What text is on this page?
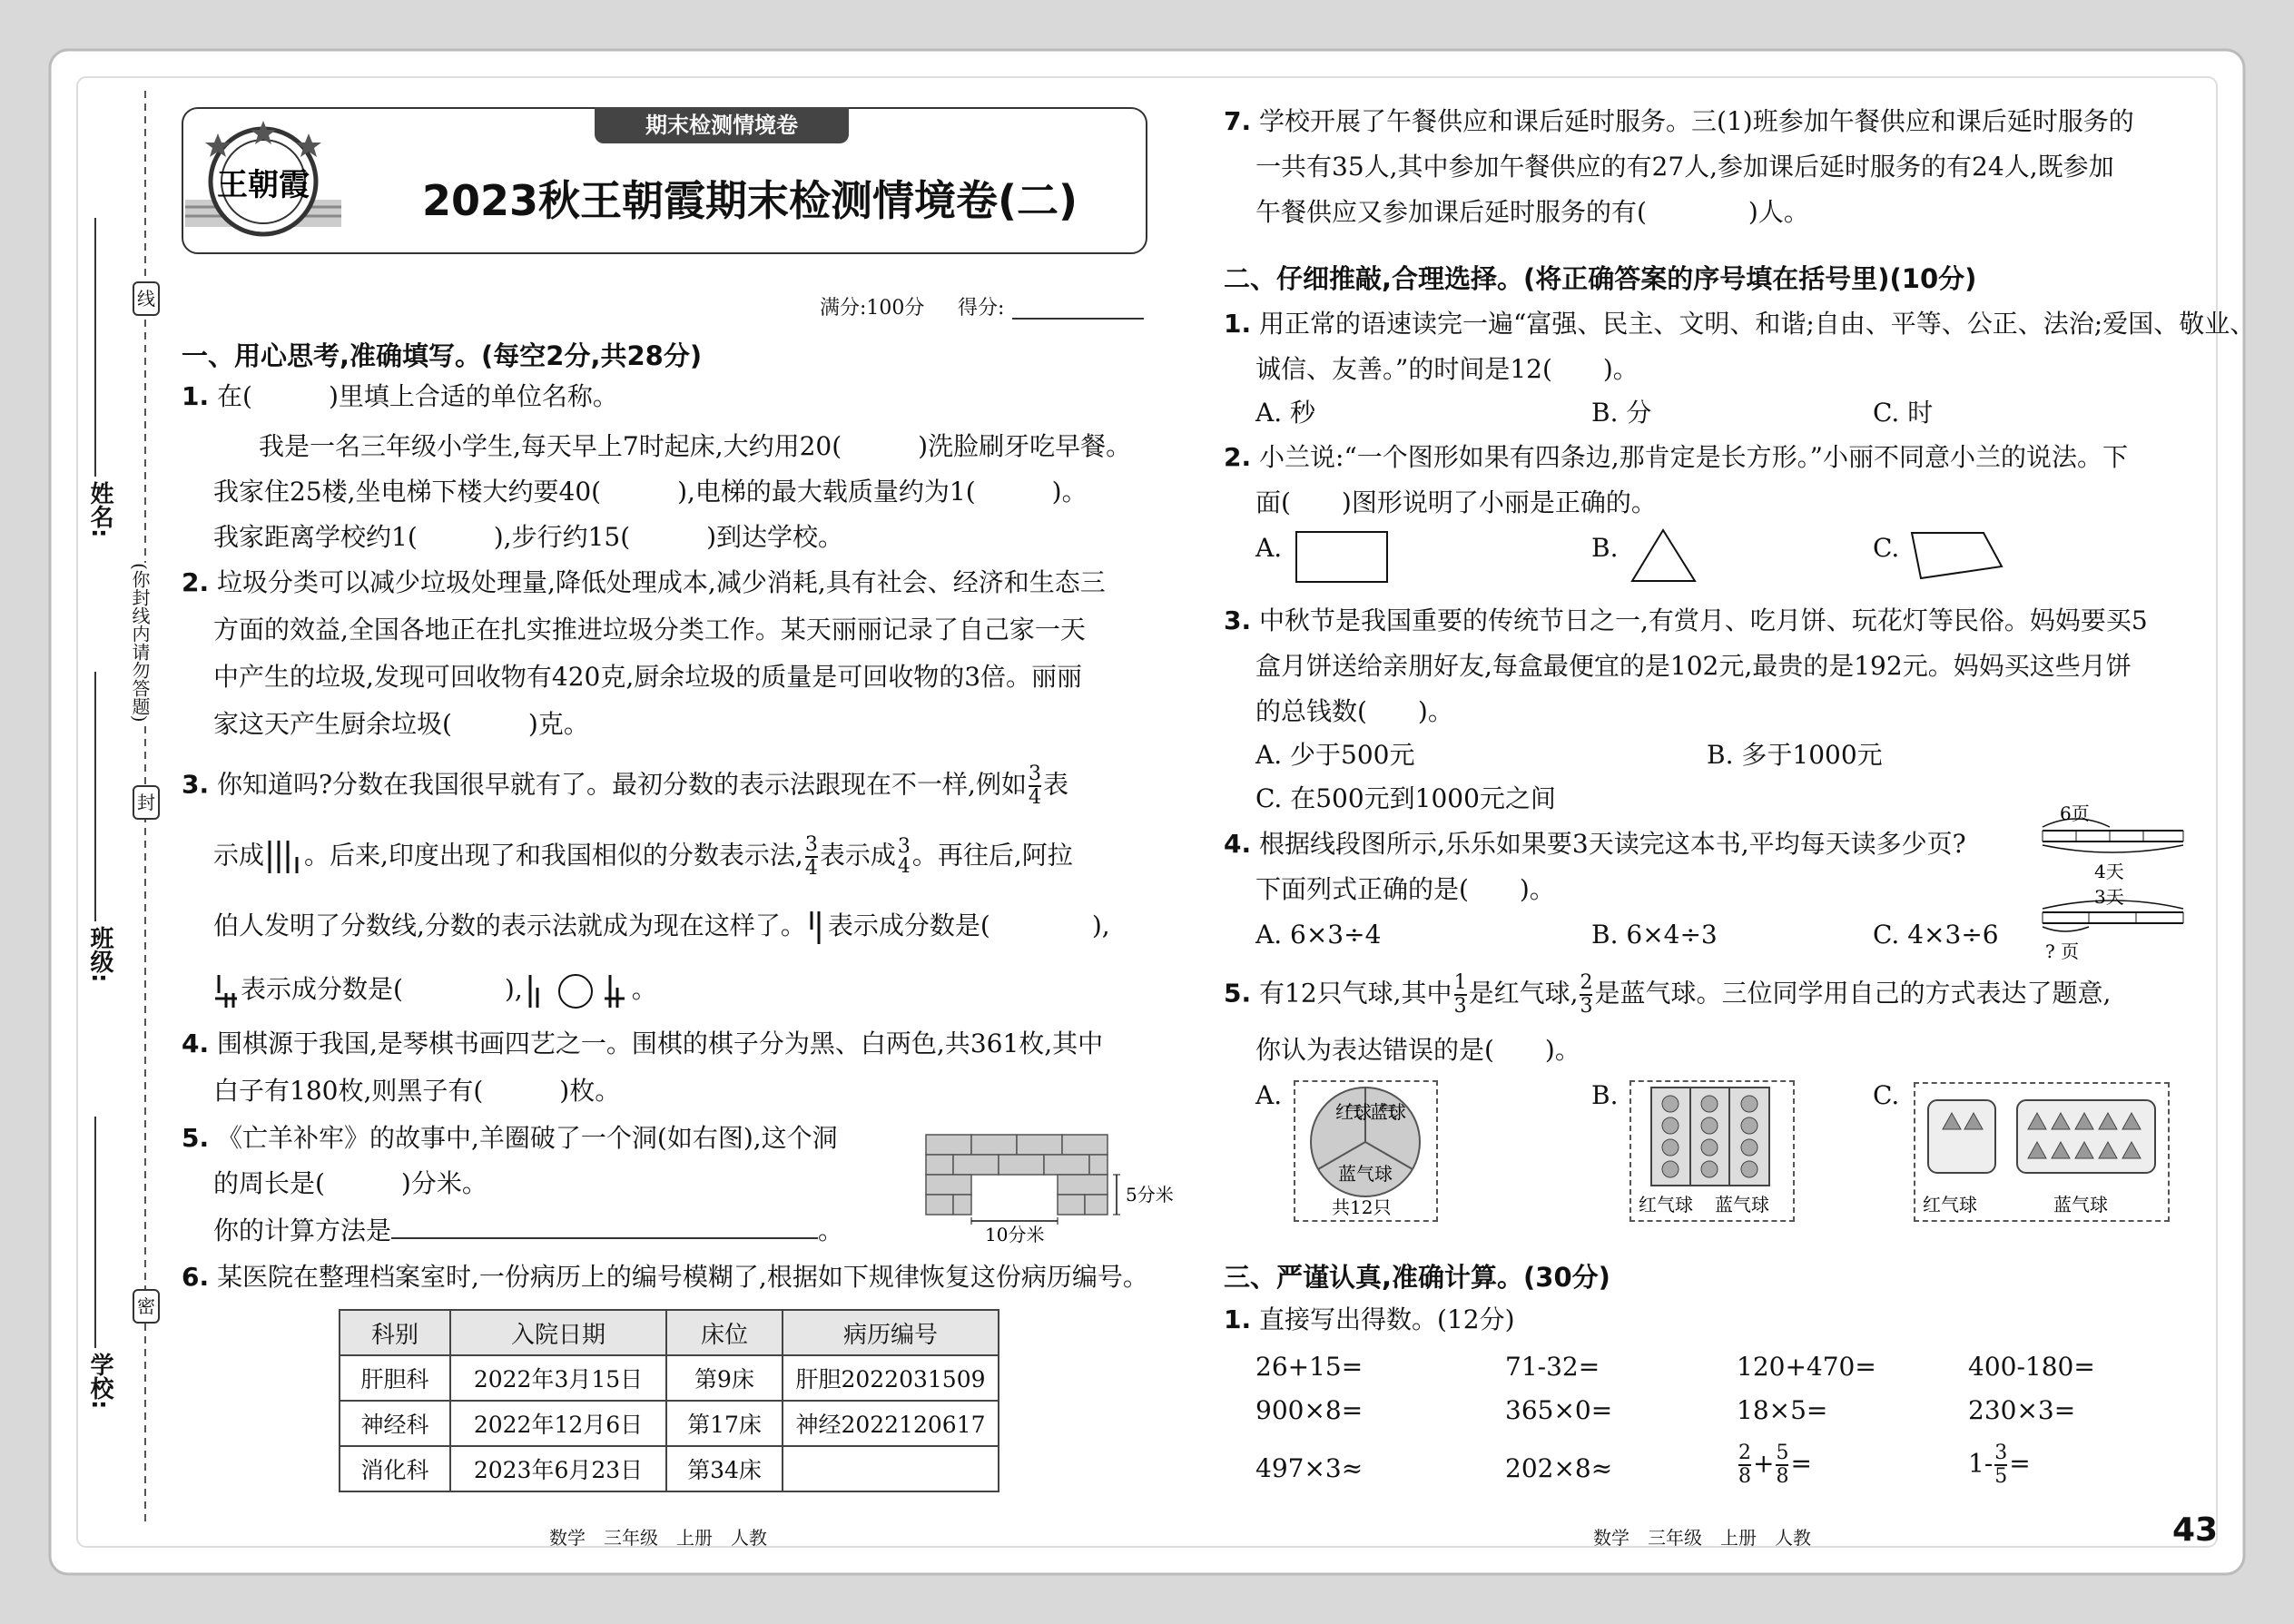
线
封
密
(你封线内请勿答题)
姓名:
班级:
学校:
期末检测情境卷
王朝霞	2023秋王朝霞期末检测情境卷(二)
满分:100分 得分:
一、用心思考,准确填写。(每空2分,共28分)
1. 在(　　　)里填上合适的单位名称。
我是一名三年级小学生,每天早上7时起床,大约用20(　　　)洗脸刷牙吃早餐。
我家住25楼,坐电梯下楼大约要40(　　　),电梯的最大载质量约为1(　　　)。
我家距离学校约1(　　　),步行约15(　　　)到达学校。
2. 垃圾分类可以减少垃圾处理量,降低处理成本,减少消耗,具有社会、经济和生态三
方面的效益,全国各地正在扎实推进垃圾分类工作。某天丽丽记录了自己家一天
中产生的垃圾,发现可回收物有420克,厨余垃圾的质量是可回收物的3倍。丽丽
家这天产生厨余垃圾(　　　)克。
3. 你知道吗?分数在我国很早就有了。最初分数的表示法跟现在不一样,例如 $\frac{3}{4}$ 表
示成 。后来,印度出现了和我国相似的分数表示法, $\frac{3}{4}$ 表示成 3
4 。再往后,阿拉
伯人发明了分数线,分数的表示法就成为现在这样了。 表示成分数是(　　　　),
表示成分数是(　　　　),	。
4. 围棋源于我国,是琴棋书画四艺之一。围棋的棋子分为黑、白两色,共361枚,其中
白子有180枚,则黑子有(　　　)枚。
5. 《亡羊补牢》的故事中,羊圈破了一个洞(如右图),这个洞
的周长是(　　　)分米。
你的计算方法是	。
5分米
10分米
6. 某医院在整理档案室时,一份病历上的编号模糊了,根据如下规律恢复这份病历编号。
科别	入院日期	床位	病历编号
肝胆科	2022年3月15日	第9床	肝胆2022031509
神经科	2022年12月6日	第17床	神经2022120617
消化科	2023年6月23日	第34床	
数学　三年级　上册　人教
7. 学校开展了午餐供应和课后延时服务。三(1)班参加午餐供应和课后延时服务的
一共有35人,其中参加午餐供应的有27人,参加课后延时服务的有24人,既参加
午餐供应又参加课后延时服务的有(　　　　)人。
二、仔细推敲,合理选择。(将正确答案的序号填在括号里)(10分)
1. 用正常的语速读完一遍“富强、民主、文明、和谐;自由、平等、公正、法治;爱国、敬业、
诚信、友善。”的时间是12(　　)。
A. 秒	B. 分	C. 时
2. 小兰说:“一个图形如果有四条边,那肯定是长方形。”小丽不同意小兰的说法。下
面(　　)图形说明了小丽是正确的。
A.	B.	C.
3. 中秋节是我国重要的传统节日之一,有赏月、吃月饼、玩花灯等民俗。妈妈要买5
盒月饼送给亲朋好友,每盒最便宜的是102元,最贵的是192元。妈妈买这些月饼
的总钱数(　　)。
A. 少于500元	B. 多于1000元
C. 在500元到1000元之间
4. 根据线段图所示,乐乐如果要3天读完这本书,平均每天读多少页?
下面列式正确的是(　　)。
A. 6×3÷4	B. 6×4÷3	C. 4×3÷6
6页
4天
3天
? 页
5. 有12只气球,其中 $\frac{1}{3}$ 是红气球, $\frac{2}{3}$ 是蓝气球。三位同学用自己的方式表达了题意,
你认为表达错误的是(　　)。
A.
红气球
蓝气球
蓝气球
共12只
B.
红气球 蓝气球
C.
红气球	蓝气球
三、严谨认真,准确计算。(30分)
1. 直接写出得数。(12分)
26+15=	71-32=	120+470=	400-180=
900×8=	365×0=	18×5=	230×3=
497×3≈	202×8≈	$\frac{2}{8} + \frac{5}{8}$ =	$1- \frac{3}{5}$ =
数学　三年级　上册　人教	43
